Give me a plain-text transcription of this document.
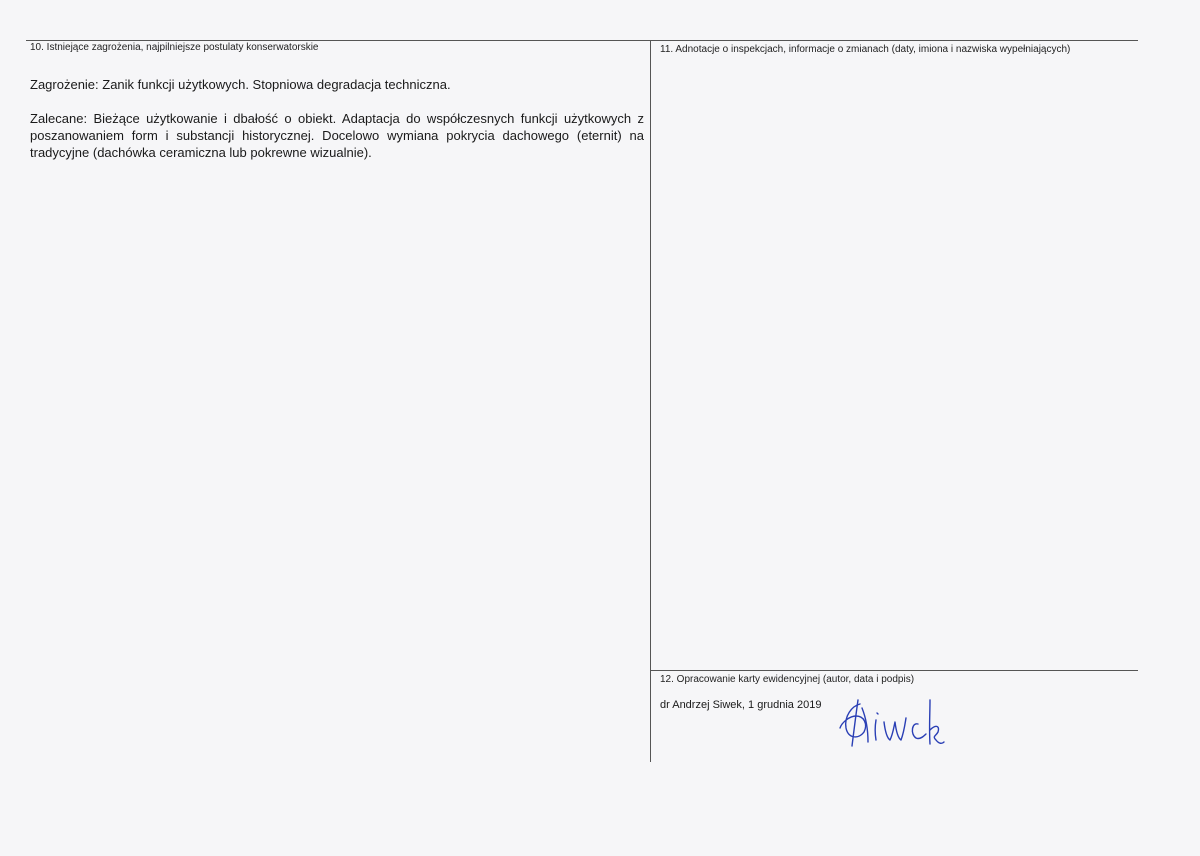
10. Istniejące zagrożenia, najpilniejsze postulaty konserwatorskie
Zagrożenie: Zanik funkcji użytkowych. Stopniowa degradacja techniczna.
Zalecane: Bieżące użytkowanie i dbałość o obiekt. Adaptacja do współczesnych funkcji użytkowych z poszanowaniem form i substancji historycznej. Docelowo wymiana pokrycia dachowego (eternit) na tradycyjne (dachówka ceramiczna lub pokrewne wizualnie).
11. Adnotacje o inspekcjach, informacje o zmianach (daty, imiona i nazwiska wypełniających)
12. Opracowanie karty ewidencyjnej (autor, data i podpis)
dr Andrzej Siwek, 1 grudnia 2019
